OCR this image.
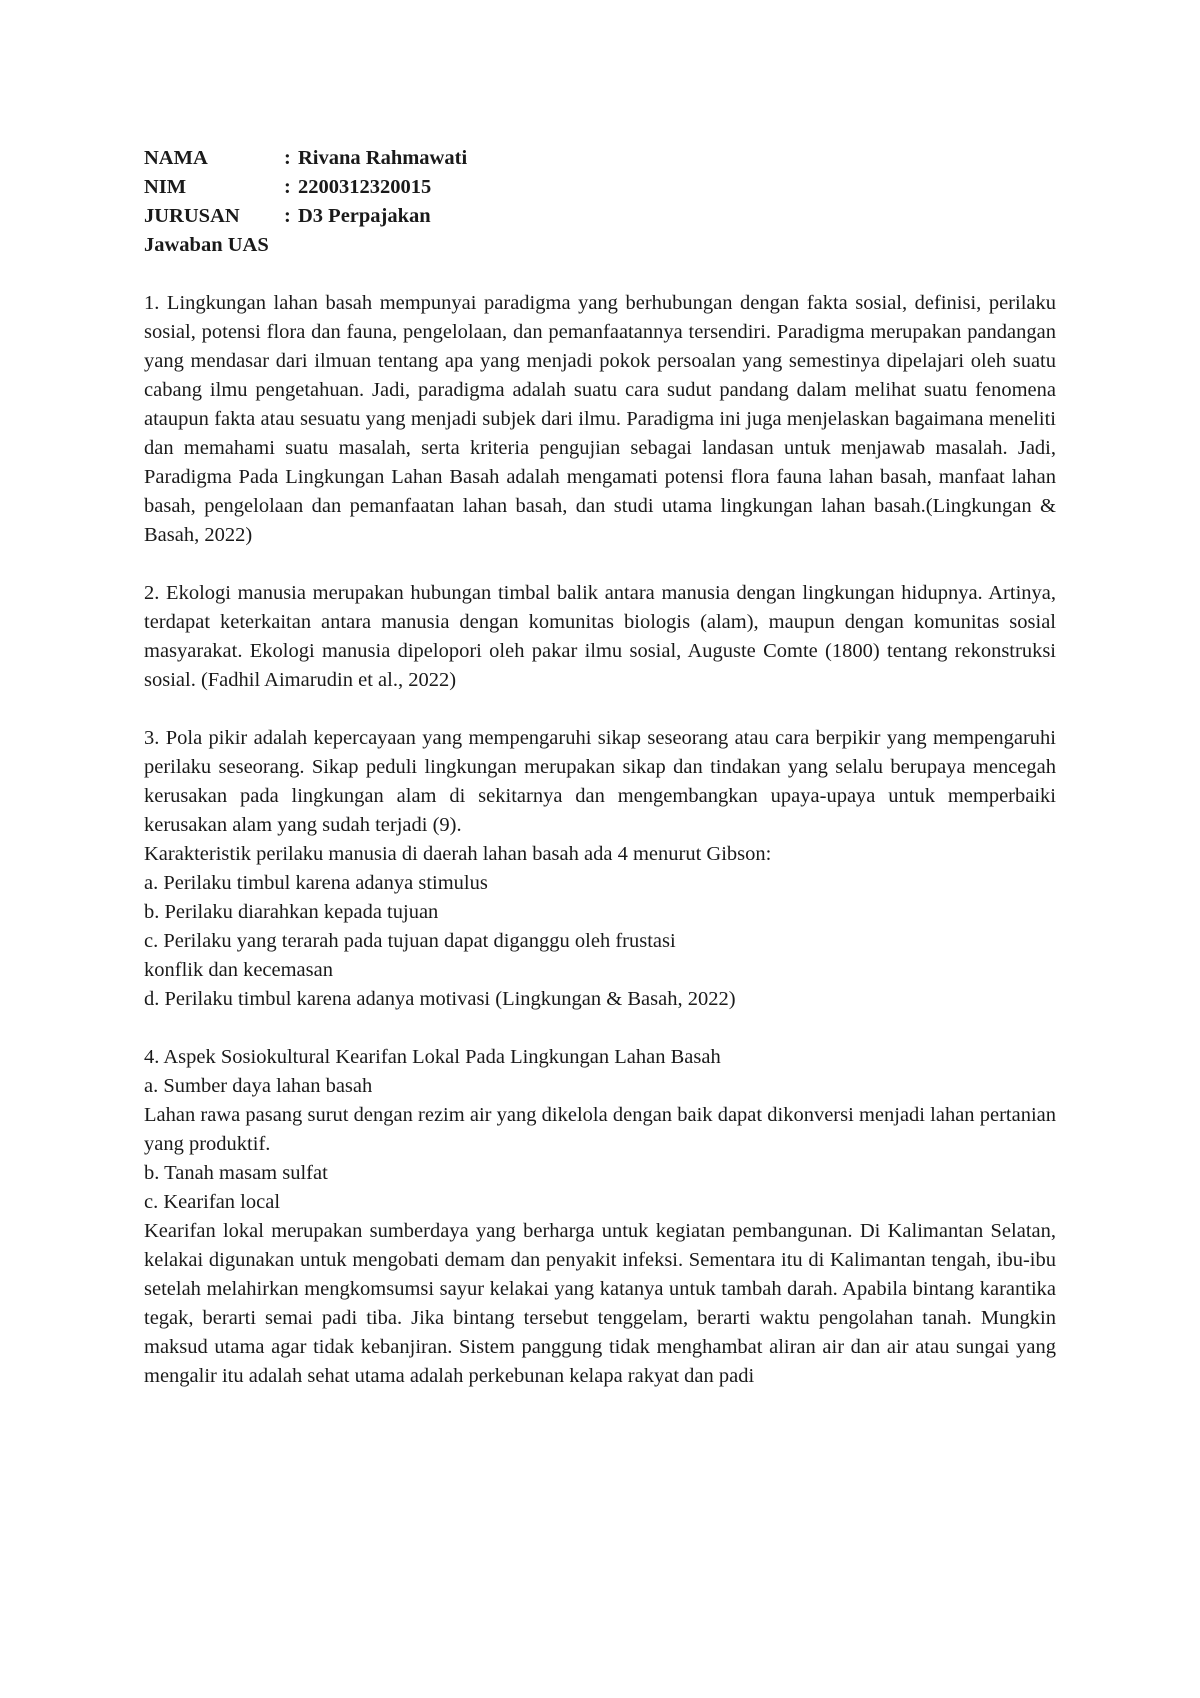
NAMA	: Rivana Rahmawati
NIM	: 2200312320015
JURUSAN	: D3 Perpajakan
Jawaban UAS

1. Lingkungan lahan basah mempunyai paradigma yang berhubungan dengan fakta sosial, definisi, perilaku sosial, potensi flora dan fauna, pengelolaan, dan pemanfaatannya tersendiri. Paradigma merupakan pandangan yang mendasar dari ilmuan tentang apa yang menjadi pokok persoalan yang semestinya dipelajari oleh suatu cabang ilmu pengetahuan. Jadi, paradigma adalah suatu cara sudut pandang dalam melihat suatu fenomena ataupun fakta atau sesuatu yang menjadi subjek dari ilmu. Paradigma ini juga menjelaskan bagaimana meneliti dan memahami suatu masalah, serta kriteria pengujian sebagai landasan untuk menjawab masalah. Jadi, Paradigma Pada Lingkungan Lahan Basah adalah mengamati potensi flora fauna lahan basah, manfaat lahan basah, pengelolaan dan pemanfaatan lahan basah, dan studi utama lingkungan lahan basah.(Lingkungan & Basah, 2022)

2. Ekologi manusia merupakan hubungan timbal balik antara manusia dengan lingkungan hidupnya. Artinya, terdapat keterkaitan antara manusia dengan komunitas biologis (alam), maupun dengan komunitas sosial masyarakat. Ekologi manusia dipelopori oleh pakar ilmu sosial, Auguste Comte (1800) tentang rekonstruksi sosial. (Fadhil Aimarudin et al., 2022)

3. Pola pikir adalah kepercayaan yang mempengaruhi sikap seseorang atau cara berpikir yang mempengaruhi perilaku seseorang. Sikap peduli lingkungan merupakan sikap dan tindakan yang selalu berupaya mencegah kerusakan pada lingkungan alam di sekitarnya dan mengembangkan upaya-upaya untuk memperbaiki kerusakan alam yang sudah terjadi (9).

Karakteristik perilaku manusia di daerah lahan basah ada 4 menurut Gibson:
a. Perilaku timbul karena adanya stimulus
b. Perilaku diarahkan kepada tujuan
c. Perilaku yang terarah pada tujuan dapat diganggu oleh frustasi
konflik dan kecemasan
d. Perilaku timbul karena adanya motivasi (Lingkungan & Basah, 2022)
4. Aspek Sosiokultural Kearifan Lokal Pada Lingkungan Lahan Basah
a. Sumber daya lahan basah

Lahan rawa pasang surut dengan rezim air yang dikelola dengan baik dapat dikonversi menjadi lahan pertanian yang produktif.

b. Tanah masam sulfat
c. Kearifan local

Kearifan lokal merupakan sumberdaya yang berharga untuk kegiatan pembangunan. Di Kalimantan Selatan, kelakai digunakan untuk mengobati demam dan penyakit infeksi. Sementara itu di Kalimantan tengah, ibu-ibu setelah melahirkan mengkomsumsi sayur kelakai yang katanya untuk tambah darah. Apabila bintang karantika tegak, berarti semai padi tiba. Jika bintang tersebut tenggelam, berarti waktu pengolahan tanah. Mungkin maksud utama agar tidak kebanjiran. Sistem panggung tidak menghambat aliran air dan air atau sungai yang mengalir itu adalah sehat utama adalah perkebunan kelapa rakyat dan padi
